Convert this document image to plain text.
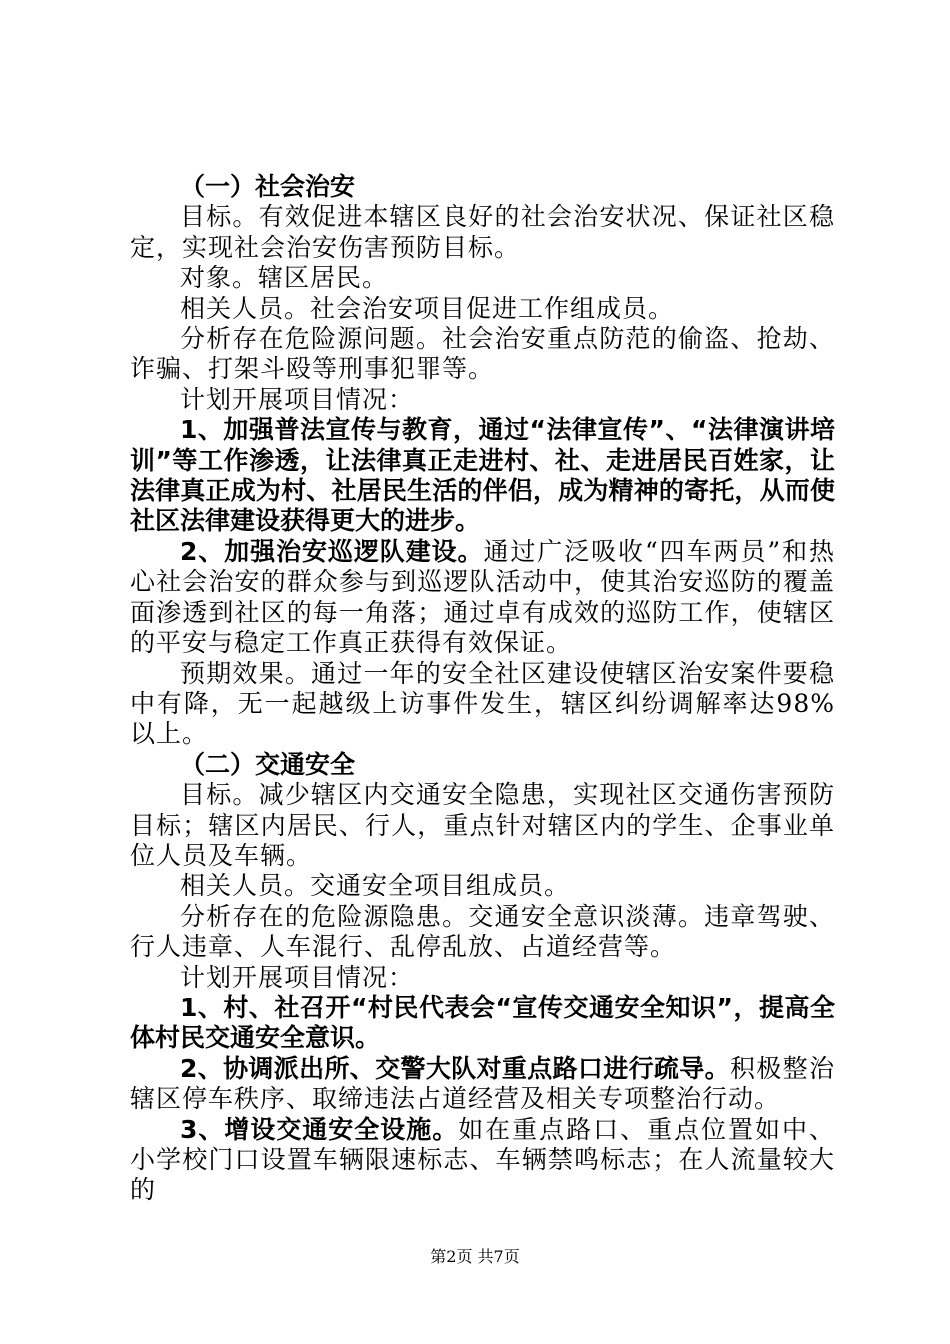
（一）社会治安

目标。有效促进本辖区良好的社会治安状况、保证社区稳定，实现社会治安伤害预防目标。

对象。辖区居民。

相关人员。社会治安项目促进工作组成员。

分析存在危险源问题。社会治安重点防范的偷盗、抢劫、诈骗、打架斗殴等刑事犯罪等。

计划开展项目情况：

1、加强普法宣传与教育，通过“法律宣传”、“法律演讲培训”等工作渗透，让法律真正走进村、社、走进居民百姓家，让法律真正成为村、社居民生活的伴侣，成为精神的寄托，从而使社区法律建设获得更大的进步。

2、加强治安巡逻队建设。通过广泛吸收“四车两员”和热心社会治安的群众参与到巡逻队活动中，使其治安巡防的覆盖面渗透到社区的每一角落；通过卓有成效的巡防工作，使辖区的平安与稳定工作真正获得有效保证。

预期效果。通过一年的安全社区建设使辖区治安案件要稳中有降，无一起越级上访事件发生，辖区纠纷调解率达98%以上。

（二）交通安全

目标。减少辖区内交通安全隐患，实现社区交通伤害预防目标；辖区内居民、行人，重点针对辖区内的学生、企事业单位人员及车辆。

相关人员。交通安全项目组成员。

分析存在的危险源隐患。交通安全意识淡薄。违章驾驶、行人违章、人车混行、乱停乱放、占道经营等。

计划开展项目情况：

1、村、社召开“村民代表会“宣传交通安全知识”，提高全体村民交通安全意识。

2、协调派出所、交警大队对重点路口进行疏导。积极整治辖区停车秩序、取缔违法占道经营及相关专项整治行动。

3、增设交通安全设施。如在重点路口、重点位置如中、小学校门口设置车辆限速标志、车辆禁鸣标志；在人流量较大的

第2页 共7页
